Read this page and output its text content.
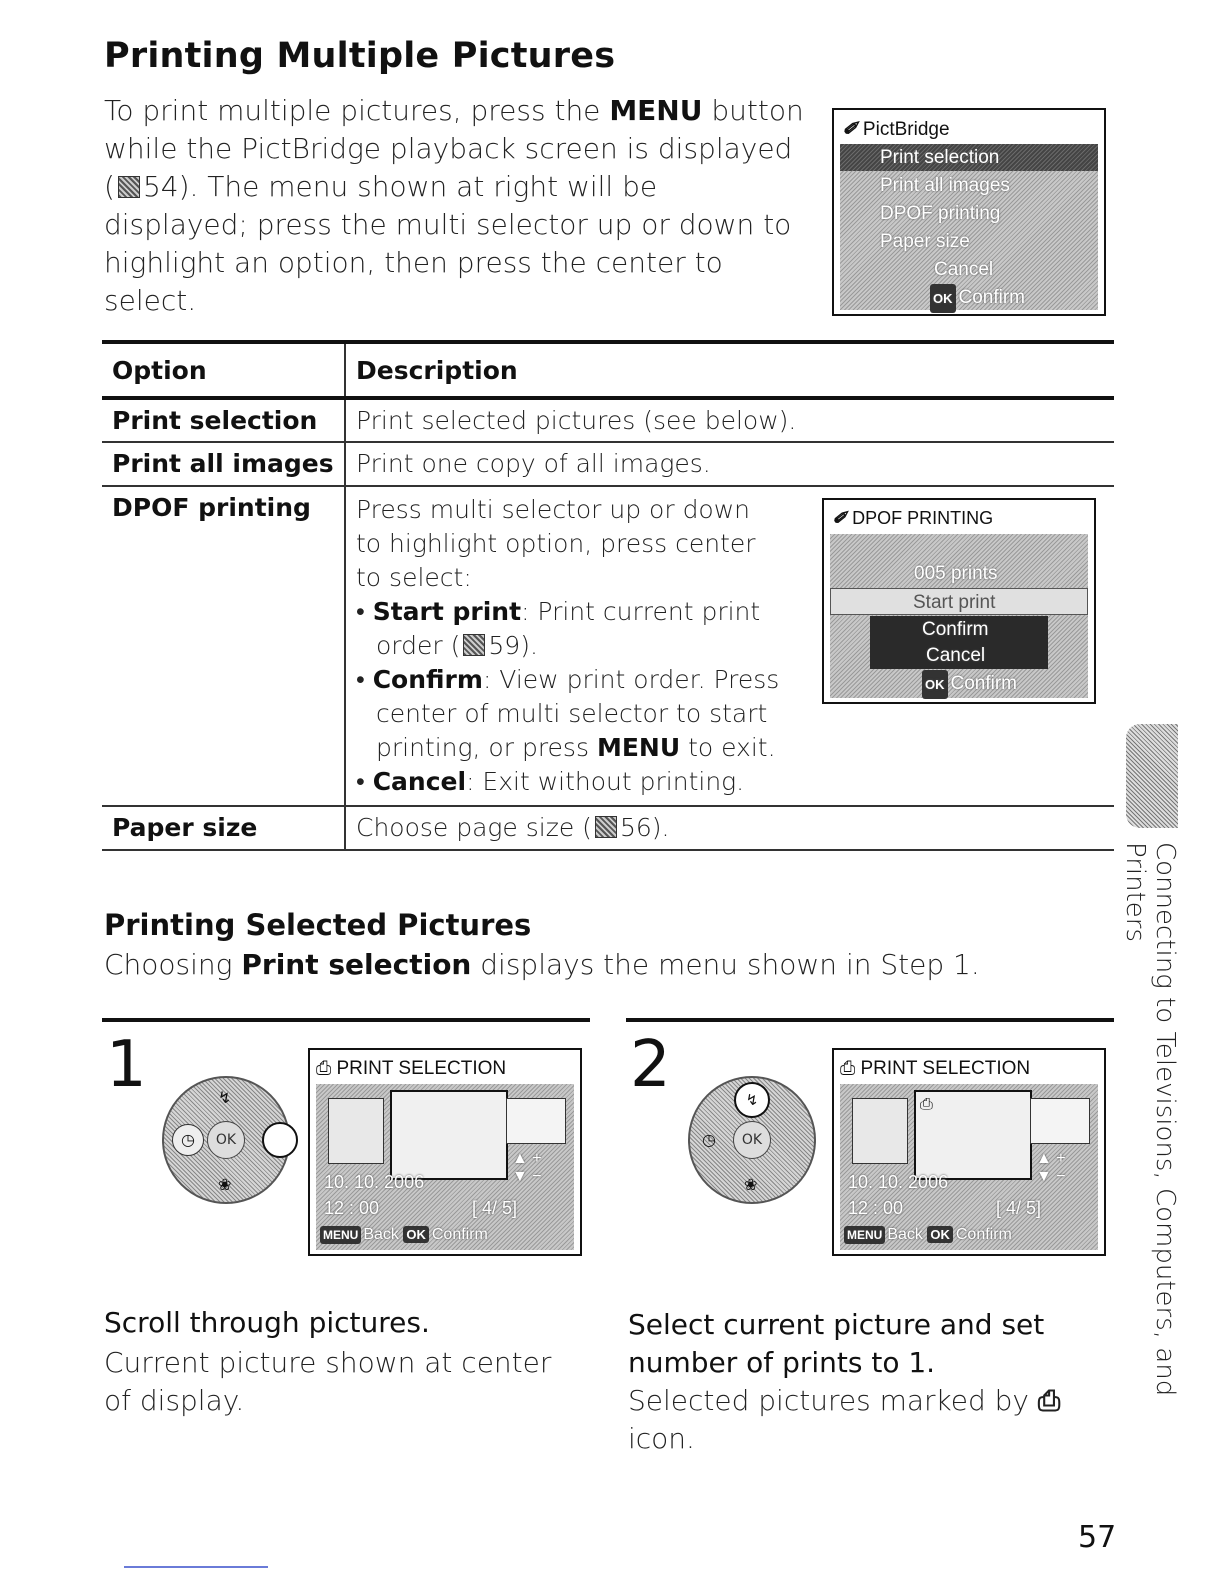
Printing Multiple Pictures
To print multiple pictures, press the MENU button while the PictBridge playback screen is displayed ( 54). The menu shown at right will be displayed; press the multi selector up or down to highlight an option, then press the center to select.
✐ PictBridge
Print selection
Print all images
DPOF printing
Paper size
Cancel
OK Confirm
Option	Description
Print selection	Print selected pictures (see below).
Print all images	Print one copy of all images.
DPOF printing	Press multi selector up or down to highlight option, press center to select:
• Start print: Print current print order ( 59).
• Confirm: View print order. Press center of multi selector to start printing, or press MENU to exit.
• Cancel: Exit without printing.

Paper size	Choose page size ( 56).
✐ DPOF PRINTING
005 prints
Start print
Confirm
Cancel
OK Confirm
Printing Selected Pictures
Choosing Print selection displays the menu shown in Step 1.
1
OK
◷
↯
❀
⎙ PRINT SELECTION
10. 10. 2006
12 : 00	[ 4/ 5]
▲ +
▼ −
MENU Back OK Confirm
Scroll through pictures.
Current picture shown at center of display.
2
OK
↯
◷
❀
⎙ PRINT SELECTION
⎙
10. 10. 2006
12 : 00	[ 4/ 5]
▲ +
▼ −
MENU Back OK Confirm
Select current picture and set number of prints to 1.
Selected pictures marked by ⎙ icon.
Connecting to Televisions, Computers, and Printers
57
